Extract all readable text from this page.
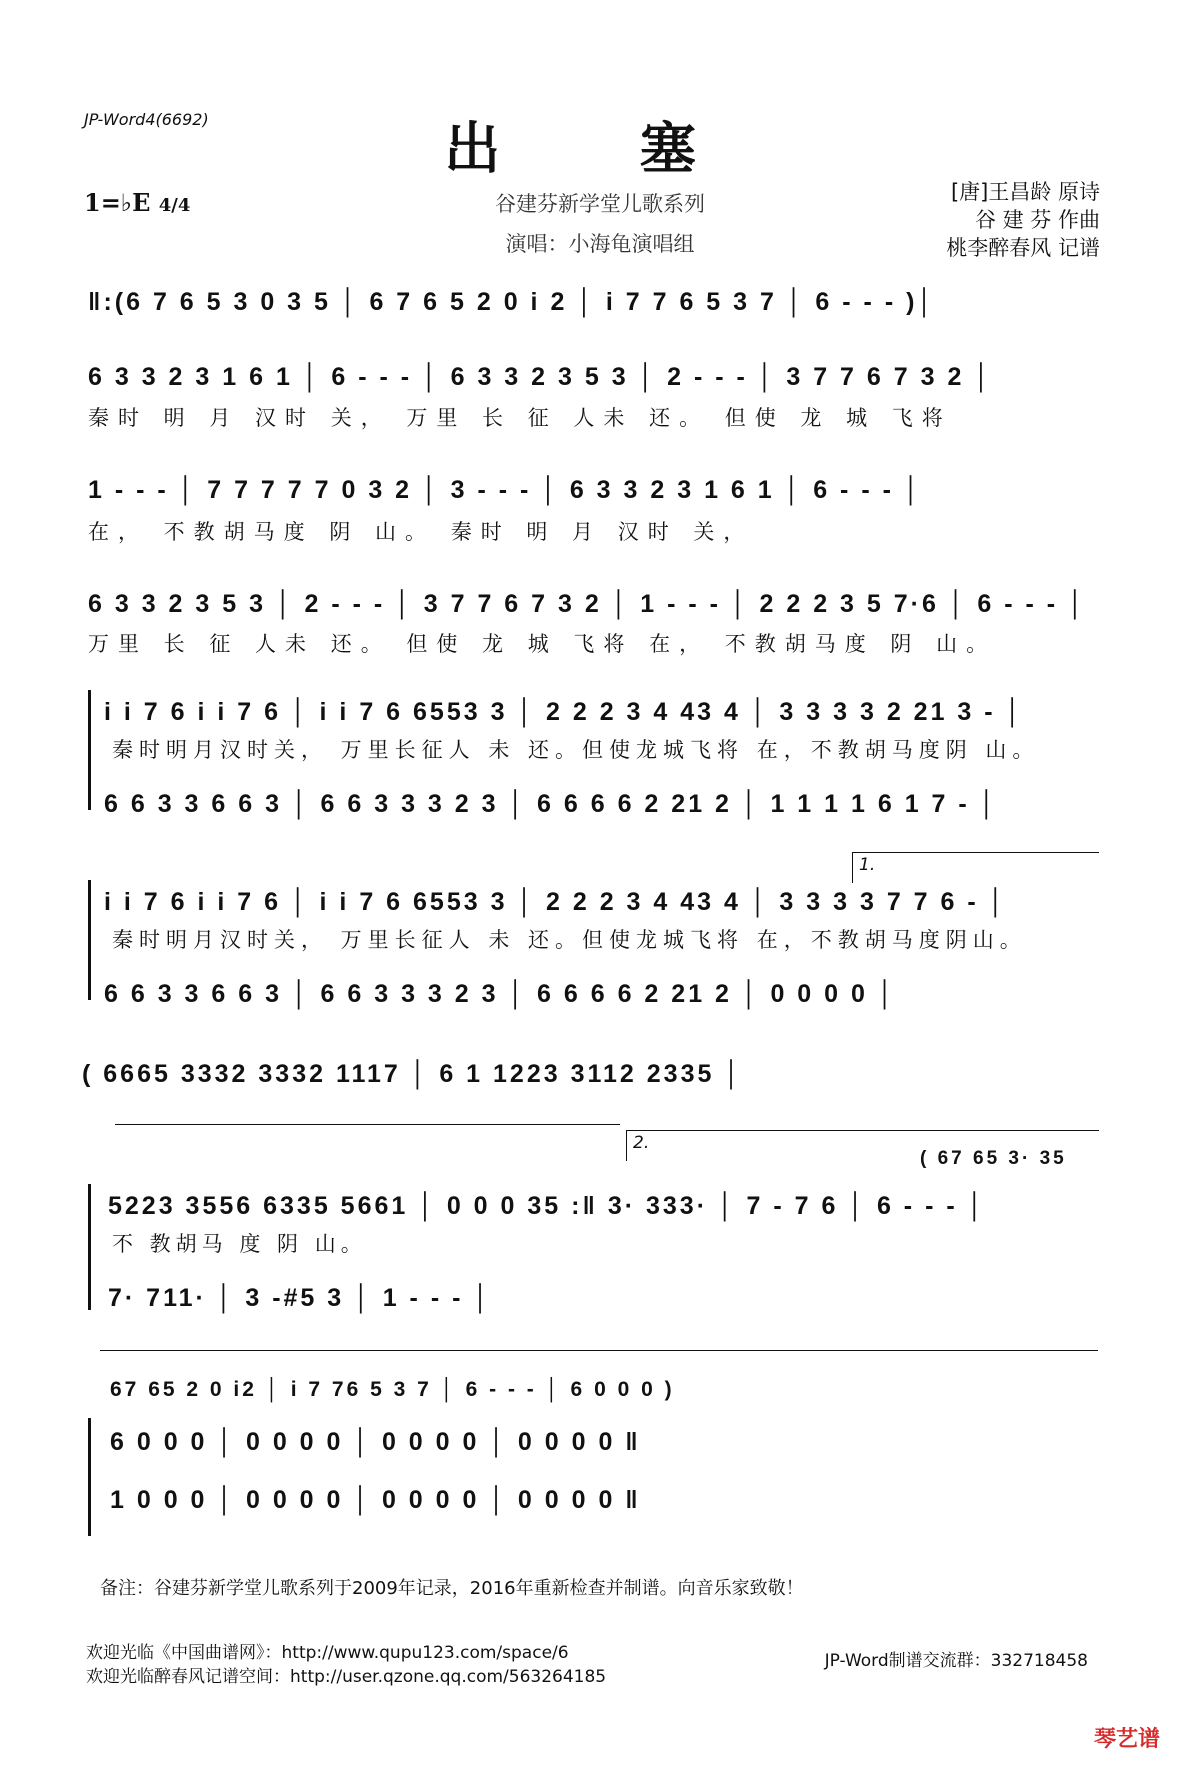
JP-Word4(6692)	出 塞
1=♭E 4/4	谷建芬新学堂儿歌系列
演唱：小海龟演唱组
[唐]王昌龄 原诗
谷 建 芬 作曲
桃李醉春风 记谱
‖:(6 7 6 5 3 0 3 5 │ 6 7 6 5 2 0 i 2 │ i 7 7 6 5 3 7 │ 6 - - - )│
6 3 3 2 3 1 6 1 │ 6 - - - │ 6 3 3 2 3 5 3 │ 2 - - - │ 3 7 7 6 7 3 2 │
秦时 明 月 汉时 关， 万里 长 征 人未 还。 但使 龙 城 飞将
1 - - - │ 7 7 7 7 7 0 3 2 │ 3 - - - │ 6 3 3 2 3 1 6 1 │ 6 - - - │
在， 不教胡马度 阴 山。 秦时 明 月 汉时 关，
6 3 3 2 3 5 3 │ 2 - - - │ 3 7 7 6 7 3 2 │ 1 - - - │ 2 2 2 3 5 7·6 │ 6 - - - │
万里 长 征 人未 还。 但使 龙 城 飞将 在， 不教胡马度 阴 山。
i i 7 6 i i 7 6 │ i i 7 6 6553 3 │ 2 2 2 3 4 43 4 │ 3 3 3 3 2 21 3 - │
秦时明月汉时关， 万里长征人 未 还。但使龙城飞将 在，不教胡马度阴 山。
6 6 3 3 6 6 3 │ 6 6 3 3 3 2 3 │ 6 6 6 6 2 21 2 │ 1 1 1 1 6 1 7 - │
1.
i i 7 6 i i 7 6 │ i i 7 6 6553 3 │ 2 2 2 3 4 43 4 │ 3 3 3 3 7 7 6 - │
秦时明月汉时关， 万里长征人 未 还。但使龙城飞将 在，不教胡马度阴山。
6 6 3 3 6 6 3 │ 6 6 3 3 3 2 3 │ 6 6 6 6 2 21 2 │ 0 0 0 0 │
( 6665 3332 3332 1117 │ 6 1 1223 3112 2335 │
2.
( 67 65 3· 35
5223 3556 6335 5661 │ 0 0 0 35 :‖ 3· 333· │ 7 - 7 6 │ 6 - - - │
不 教胡马 度 阴 山。
7· 711· │ 3 -#5 3 │ 1 - - - │
67 65 2 0 i2 │ i 7 76 5 3 7 │ 6 - - - │ 6 0 0 0 )
6 0 0 0 │ 0 0 0 0 │ 0 0 0 0 │ 0 0 0 0 ‖
1 0 0 0 │ 0 0 0 0 │ 0 0 0 0 │ 0 0 0 0 ‖
备注：谷建芬新学堂儿歌系列于2009年记录，2016年重新检查并制谱。向音乐家致敬！
欢迎光临《中国曲谱网》：http://www.qupu123.com/space/6
欢迎光临醉春风记谱空间：http://user.qzone.qq.com/563264185
JP-Word制谱交流群：332718458
琴艺谱
